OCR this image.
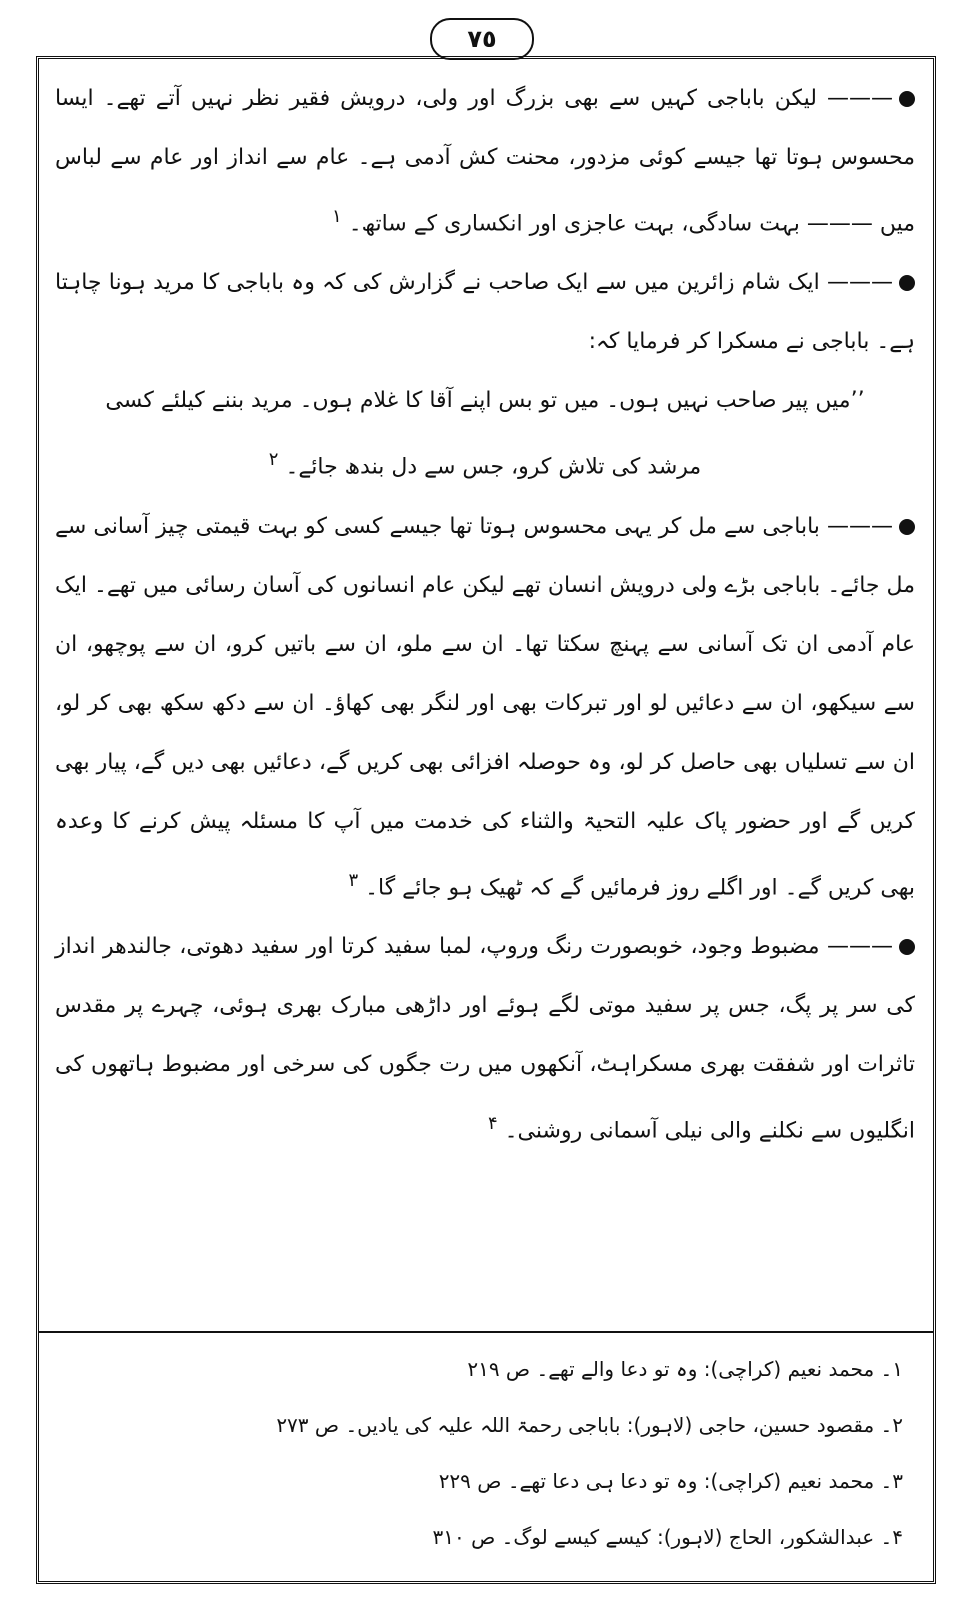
٧٥

——— لیکن باباجی کہیں سے بھی بزرگ اور ولی، درویش فقیر نظر نہیں آتے تھے۔ ایسا محسوس ہوتا تھا جیسے کوئی مزدور، محنت کش آدمی ہے۔ عام سے انداز اور عام سے لباس میں ——— بہت سادگی، بہت عاجزی اور انکساری کے ساتھ۔ $^۱$

——— ایک شام زائرین میں سے ایک صاحب نے گزارش کی کہ وہ باباجی کا مرید ہونا چاہتا ہے۔ باباجی نے مسکرا کر فرمایا کہ:

’’میں پیر صاحب نہیں ہوں۔ میں تو بس اپنے آقا کا غلام ہوں۔ مرید بننے کیلئے کسی مرشد کی تلاش کرو، جس سے دل بندھ جائے۔ $^۲$

——— باباجی سے مل کر یہی محسوس ہوتا تھا جیسے کسی کو بہت قیمتی چیز آسانی سے مل جائے۔ باباجی بڑے ولی درویش انسان تھے لیکن عام انسانوں کی آسان رسائی میں تھے۔ ایک عام آدمی ان تک آسانی سے پہنچ سکتا تھا۔ ان سے ملو، ان سے باتیں کرو، ان سے پوچھو، ان سے سیکھو، ان سے دعائیں لو اور تبرکات بھی اور لنگر بھی کھاؤ۔ ان سے دکھ سکھ بھی کر لو، ان سے تسلیاں بھی حاصل کر لو، وہ حوصلہ افزائی بھی کریں گے، دعائیں بھی دیں گے، پیار بھی کریں گے اور حضور پاک علیہ التحیۃ والثناء کی خدمت میں آپ کا مسئلہ پیش کرنے کا وعدہ بھی کریں گے۔ اور اگلے روز فرمائیں گے کہ ٹھیک ہو جائے گا۔ $^۳$

——— مضبوط وجود، خوبصورت رنگ وروپ، لمبا سفید کرتا اور سفید دھوتی، جالندھر انداز کی سر پر پگ، جس پر سفید موتی لگے ہوئے اور داڑھی مبارک بھری ہوئی، چہرے پر مقدس تاثرات اور شفقت بھری مسکراہٹ، آنکھوں میں رت جگوں کی سرخی اور مضبوط ہاتھوں کی انگلیوں سے نکلنے والی نیلی آسمانی روشنی۔ $^۴$

۱۔ محمد نعیم (کراچی): وہ تو دعا والے تھے۔ ص ۲۱۹
۲۔ مقصود حسین، حاجی (لاہور): باباجی رحمۃ اللہ علیہ کی یادیں۔ ص ۲۷۳
۳۔ محمد نعیم (کراچی): وہ تو دعا ہی دعا تھے۔ ص ۲۲۹
۴۔ عبدالشکور، الحاج (لاہور): کیسے کیسے لوگ۔ ص ۳۱۰
